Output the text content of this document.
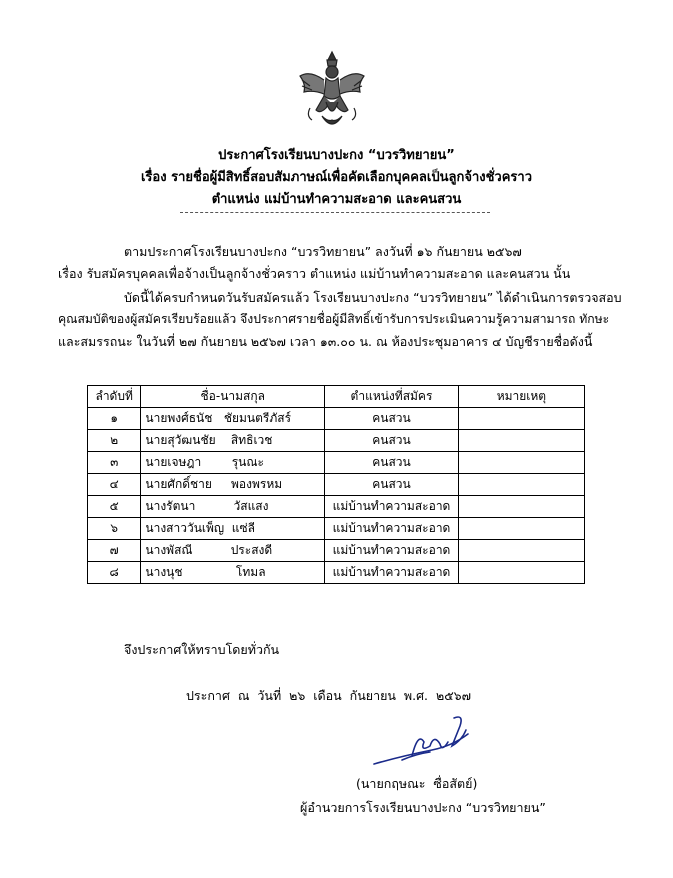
ประกาศโรงเรียนบางปะกง “บวรวิทยายน”
เรื่อง รายชื่อผู้มีสิทธิ์สอบสัมภาษณ์เพื่อคัดเลือกบุคคลเป็นลูกจ้างชั่วคราว
ตำแหน่ง แม่บ้านทำความสะอาด และคนสวน
ตามประกาศโรงเรียนบางปะกง “บวรวิทยายน” ลงวันที่ ๑๖ กันยายน ๒๕๖๗
เรื่อง รับสมัครบุคคลเพื่อจ้างเป็นลูกจ้างชั่วคราว ตำแหน่ง แม่บ้านทำความสะอาด และคนสวน นั้น
บัดนี้ได้ครบกำหนดวันรับสมัครแล้ว โรงเรียนบางปะกง “บวรวิทยายน” ได้ดำเนินการตรวจสอบ
คุณสมบัติของผู้สมัครเรียบร้อยแล้ว จึงประกาศรายชื่อผู้มีสิทธิ์เข้ารับการประเมินความรู้ความสามารถ ทักษะ
และสมรรถนะ ในวันที่ ๒๗ กันยายน ๒๕๖๗ เวลา ๑๓.๐๐ น. ณ ห้องประชุมอาคาร ๔ บัญชีรายชื่อดังนี้
ลำดับที่	ชื่อ-นามสกุล	ตำแหน่งที่สมัคร	หมายเหตุ
๑	นายพงศ์ธนัช   ชัยมนตรีภัสร์	คนสวน	
๒	นายสุวัฒนชัย    สิทธิเวช	คนสวน	
๓	นายเจษฎา        รุนณะ	คนสวน	
๔	นายศักดิ์ชาย     พองพรหม	คนสวน	
๕	นางรัตนา          วัสแสง	แม่บ้านทำความสะอาด	
๖	นางสาววันเพ็ญ  แซ่ลี	แม่บ้านทำความสะอาด	
๗	นางพัสณี          ประสงดี	แม่บ้านทำความสะอาด	
๘	นางนุช              โทมล	แม่บ้านทำความสะอาด	
จึงประกาศให้ทราบโดยทั่วกัน
ประกาศ  ณ  วันที่  ๒๖  เดือน  กันยายน  พ.ศ.  ๒๕๖๗
(นายกฤษณะ  ซื่อสัตย์)
ผู้อำนวยการโรงเรียนบางปะกง “บวรวิทยายน”
